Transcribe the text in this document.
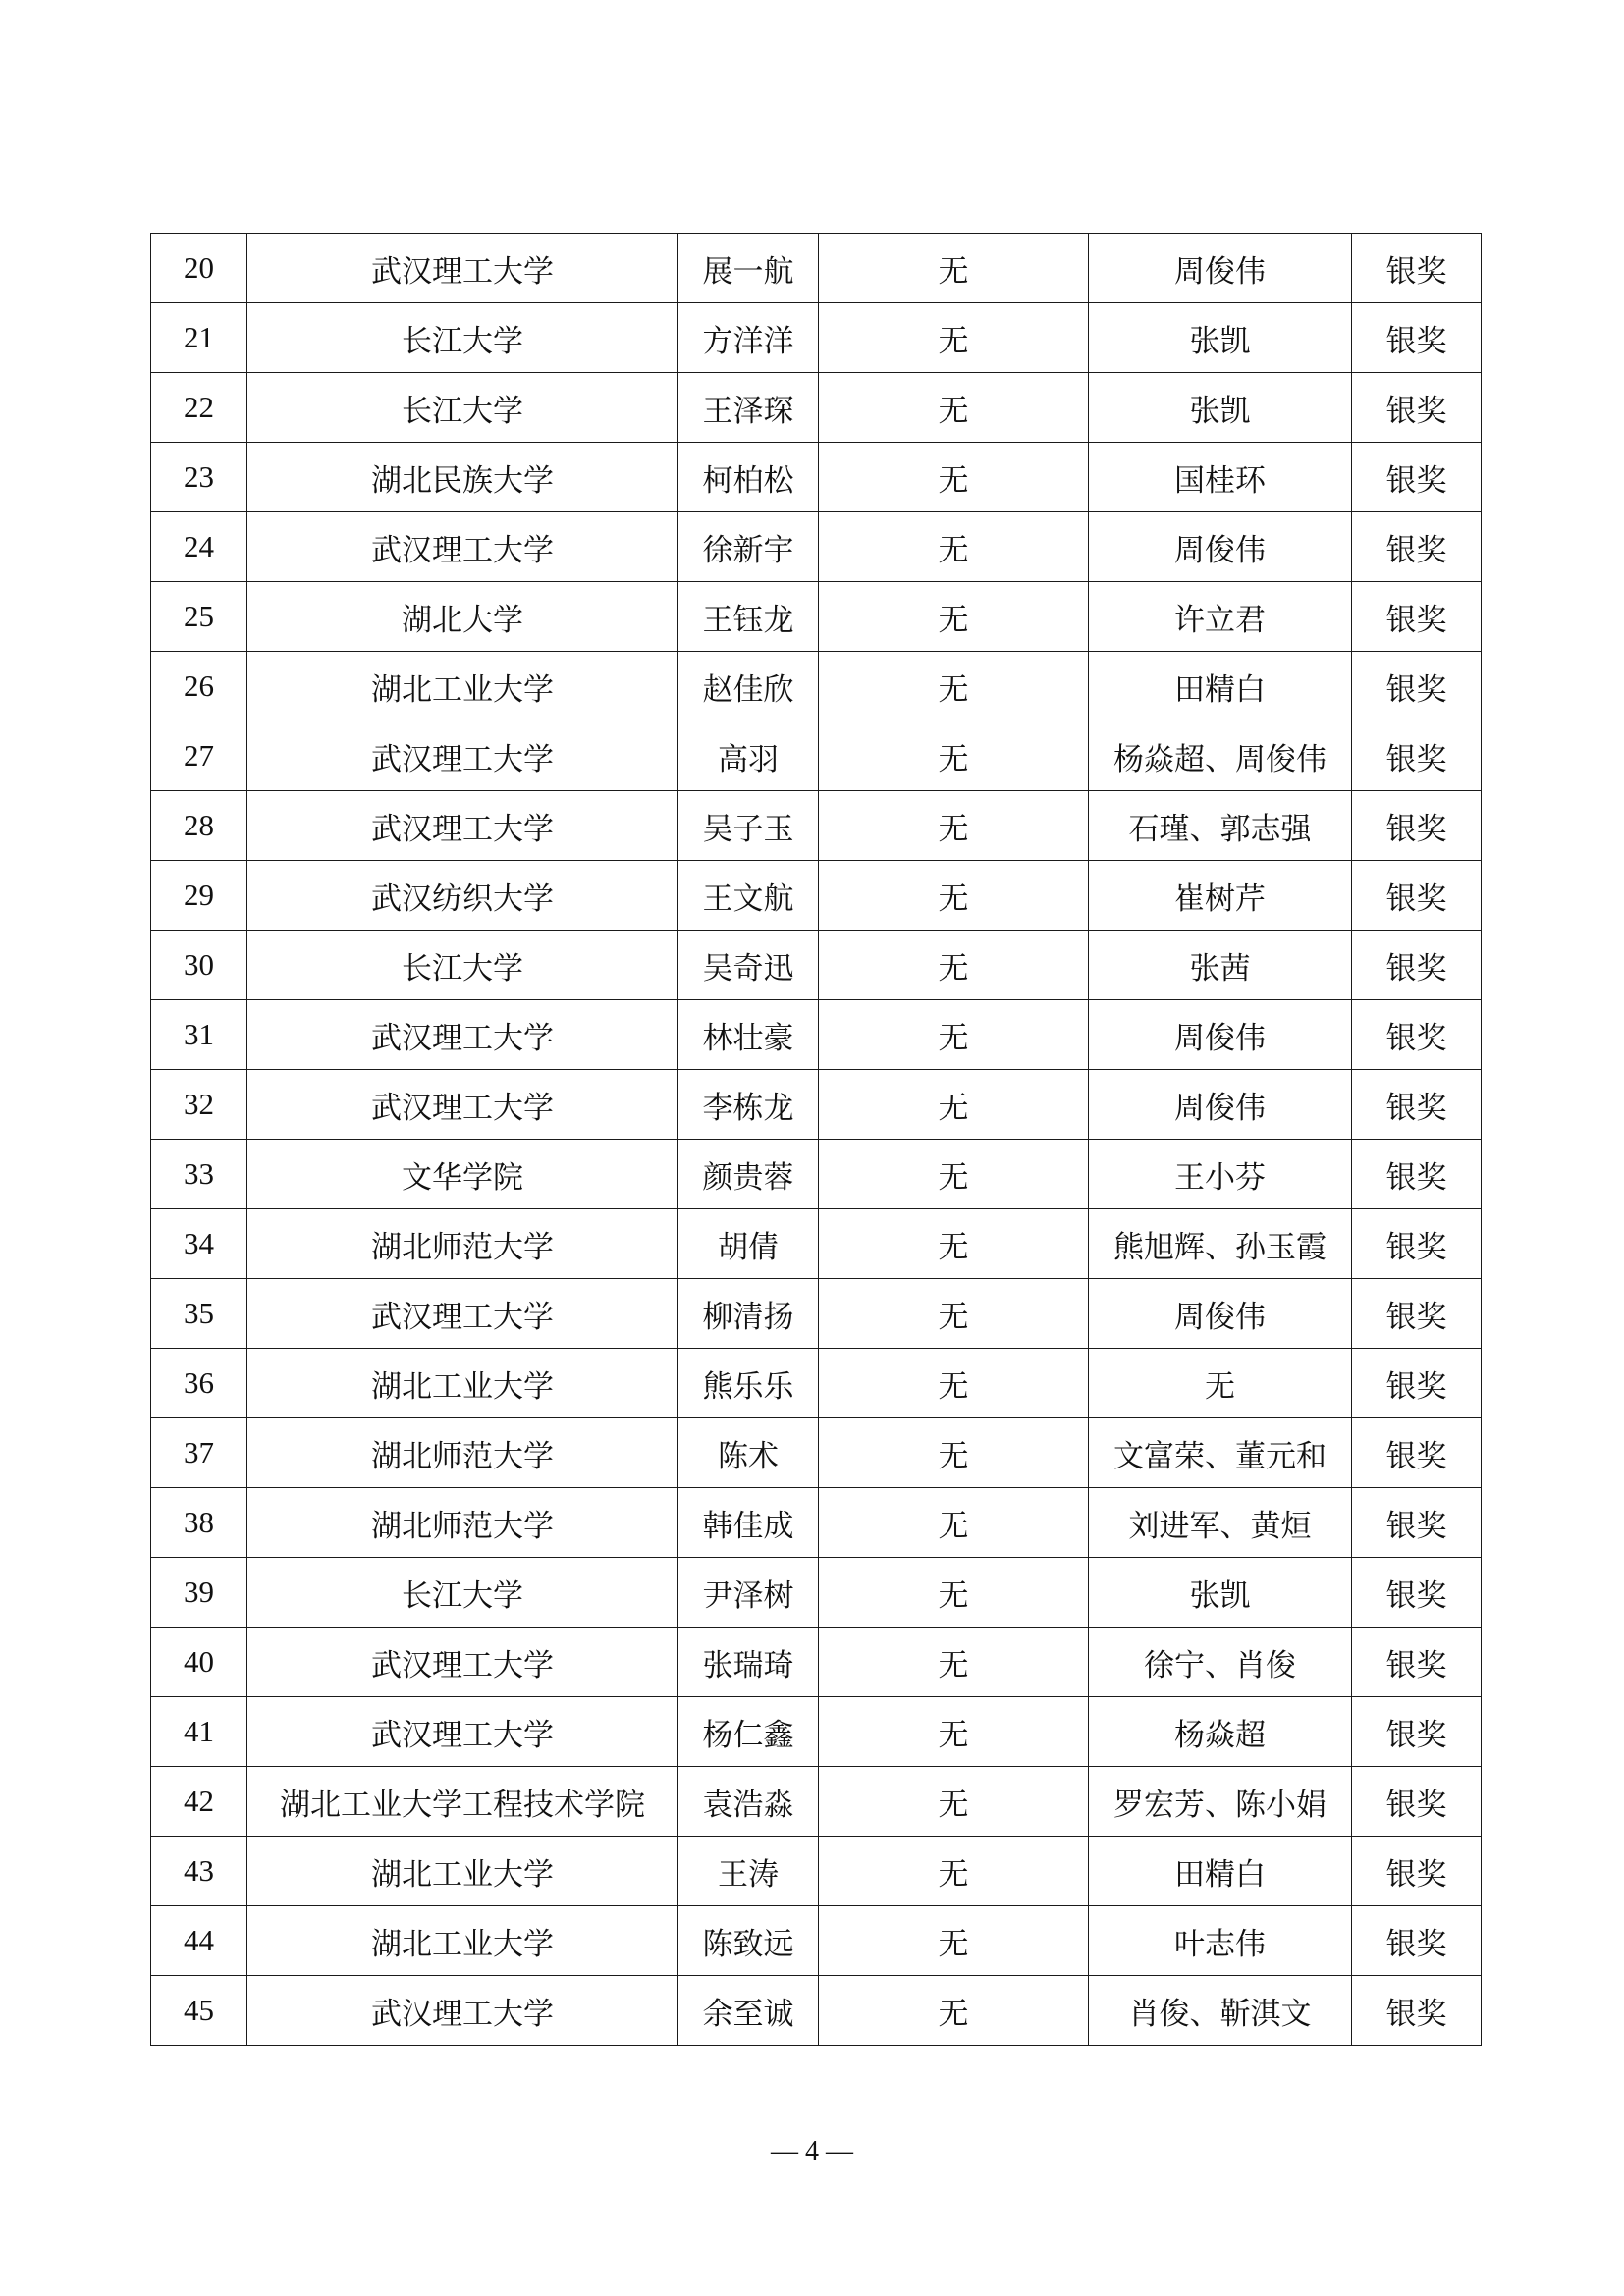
20	武汉理工大学	展一航	无	周俊伟	银奖
21	长江大学	方洋洋	无	张凯	银奖
22	长江大学	王泽琛	无	张凯	银奖
23	湖北民族大学	柯柏松	无	国桂环	银奖
24	武汉理工大学	徐新宇	无	周俊伟	银奖
25	湖北大学	王钰龙	无	许立君	银奖
26	湖北工业大学	赵佳欣	无	田精白	银奖
27	武汉理工大学	高羽	无	杨焱超、周俊伟	银奖
28	武汉理工大学	吴子玉	无	石瑾、郭志强	银奖
29	武汉纺织大学	王文航	无	崔树芹	银奖
30	长江大学	吴奇迅	无	张茜	银奖
31	武汉理工大学	林壮豪	无	周俊伟	银奖
32	武汉理工大学	李栋龙	无	周俊伟	银奖
33	文华学院	颜贵蓉	无	王小芬	银奖
34	湖北师范大学	胡倩	无	熊旭辉、孙玉霞	银奖
35	武汉理工大学	柳清扬	无	周俊伟	银奖
36	湖北工业大学	熊乐乐	无	无	银奖
37	湖北师范大学	陈术	无	文富荣、董元和	银奖
38	湖北师范大学	韩佳成	无	刘进军、黄烜	银奖
39	长江大学	尹泽树	无	张凯	银奖
40	武汉理工大学	张瑞琦	无	徐宁、肖俊	银奖
41	武汉理工大学	杨仁鑫	无	杨焱超	银奖
42	湖北工业大学工程技术学院	袁浩淼	无	罗宏芳、陈小娟	银奖
43	湖北工业大学	王涛	无	田精白	银奖
44	湖北工业大学	陈致远	无	叶志伟	银奖
45	武汉理工大学	余至诚	无	肖俊、靳淇文	银奖
— 4 —
